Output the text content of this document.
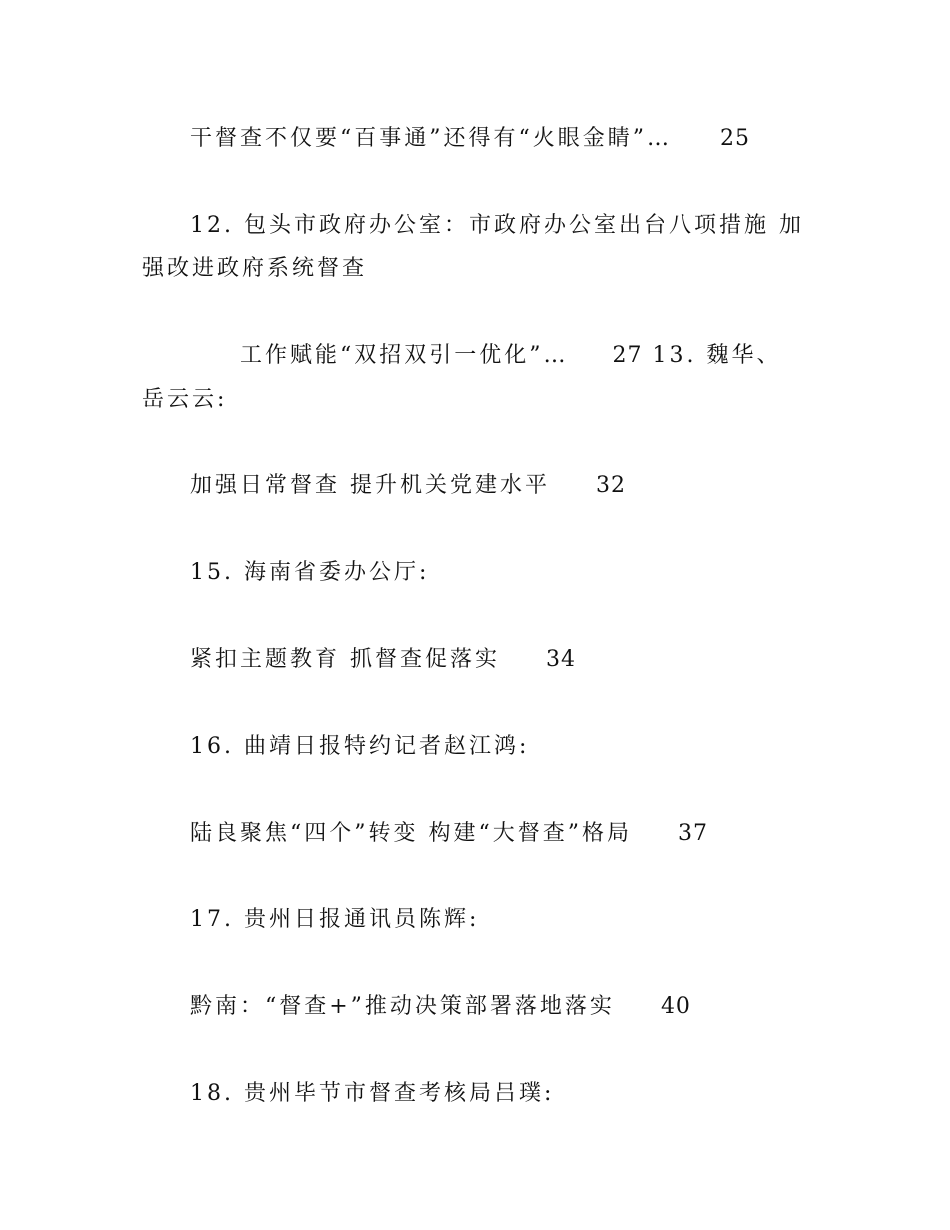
干督查不仅要“百事通”还得有“火眼金睛”… 25
12. 包头市政府办公室：市政府办公室出台八项措施 加
强改进政府系统督查
工作赋能“双招双引一优化”… 27 13. 魏华、
岳云云:
加强日常督查 提升机关党建水平 32
15. 海南省委办公厅:
紧扣主题教育 抓督查促落实 34
16. 曲靖日报特约记者赵江鸿:
陆良聚焦“四个”转变 构建“大督查”格局 37
17. 贵州日报通讯员陈辉:
黔南：“督查+”推动决策部署落地落实 40
18. 贵州毕节市督查考核局吕璞:
